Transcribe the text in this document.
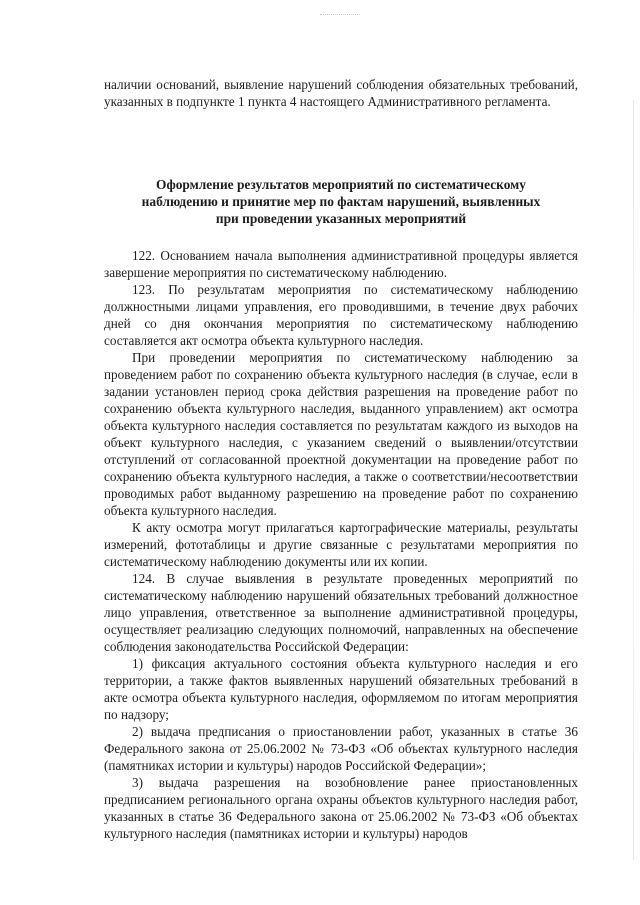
наличии оснований, выявление нарушений соблюдения обязательных требований, указанных в подпункте 1 пункта 4 настоящего Административного регламента.

Оформление результатов мероприятий по систематическому
наблюдению и принятие мер по фактам нарушений, выявленных
при проведении указанных мероприятий

122. Основанием начала выполнения административной процедуры является завершение мероприятия по систематическому наблюдению.

123. По результатам мероприятия по систематическому наблюдению должностными лицами управления, его проводившими, в течение двух рабочих дней со дня окончания мероприятия по систематическому наблюдению составляется акт осмотра объекта культурного наследия.

При проведении мероприятия по систематическому наблюдению за проведением работ по сохранению объекта культурного наследия (в случае, если в задании установлен период срока действия разрешения на проведение работ по сохранению объекта культурного наследия, выданного управлением) акт осмотра объекта культурного наследия составляется по результатам каждого из выходов на объект культурного наследия, с указанием сведений о выявлении/отсутствии отступлений от согласованной проектной документации на проведение работ по сохранению объекта культурного наследия, а также о соответствии/несоответствии проводимых работ выданному разрешению на проведение работ по сохранению объекта культурного наследия.

К акту осмотра могут прилагаться картографические материалы, результаты измерений, фототаблицы и другие связанные с результатами мероприятия по систематическому наблюдению документы или их копии.

124. В случае выявления в результате проведенных мероприятий по систематическому наблюдению нарушений обязательных требований должностное лицо управления, ответственное за выполнение административной процедуры, осуществляет реализацию следующих полномочий, направленных на обеспечение соблюдения законодательства Российской Федерации:

1) фиксация актуального состояния объекта культурного наследия и его территории, а также фактов выявленных нарушений обязательных требований в акте осмотра объекта культурного наследия, оформляемом по итогам мероприятия по надзору;

2) выдача предписания о приостановлении работ, указанных в статье 36 Федерального закона от 25.06.2002 № 73-ФЗ «Об объектах культурного наследия (памятниках истории и культуры) народов Российской Федерации»;

3) выдача разрешения на возобновление ранее приостановленных предписанием регионального органа охраны объектов культурного наследия работ, указанных в статье 36 Федерального закона от 25.06.2002 № 73-ФЗ «Об объектах культурного наследия (памятниках истории и культуры) народов
